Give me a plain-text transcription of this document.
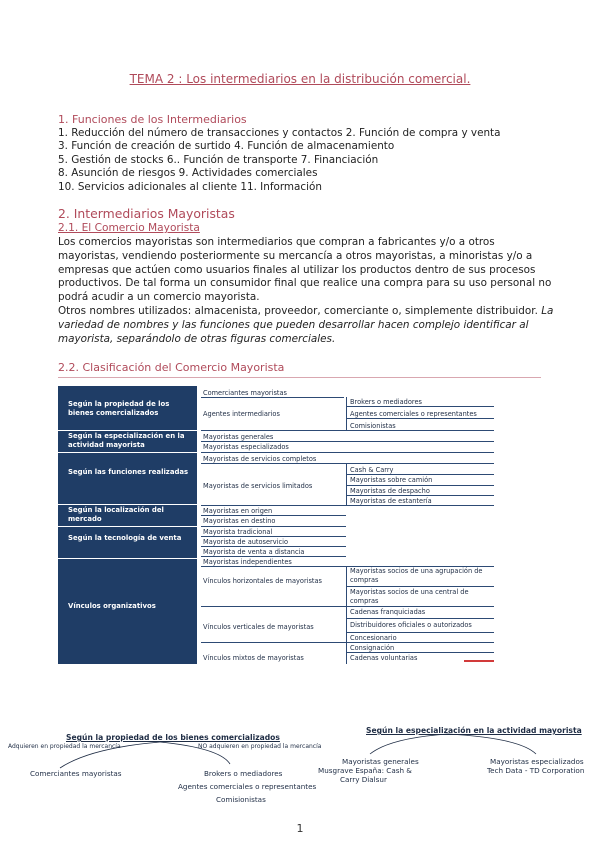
TEMA 2 : Los intermediarios en la distribución comercial.
1. Funciones de los Intermediarios
1. Reducción del número de transacciones y contactos 2. Función de compra y venta
3. Función de creación de surtido 4. Función de almacenamiento
5. Gestión de stocks 6.. Función de transporte 7. Financiación
8. Asunción de riesgos 9. Actividades comerciales
10. Servicios adicionales al cliente 11. Información
2. Intermediarios Mayoristas
2.1. El Comercio Mayorista
Los comercios mayoristas son intermediarios que compran a fabricantes y/o a otros mayoristas, vendiendo posteriormente su mercancía a otros mayoristas, a minoristas y/o a empresas que actúen como usuarios finales al utilizar los productos dentro de sus procesos productivos. De tal forma un consumidor final que realice una compra para su uso personal no podrá acudir a un comercio mayorista.
Otros nombres utilizados: almacenista, proveedor, comerciante o, simplemente distribuidor. La variedad de nombres y las funciones que pueden desarrollar hacen complejo identificar al mayorista, separándolo de otras figuras comerciales.
2.2. Clasificación del Comercio Mayorista
Según la propiedad de los bienes comercializados
Según la especialización en la actividad mayorista
Según las funciones realizadas
Según la localización del mercado
Según la tecnología de venta
Vínculos organizativos
Comerciantes mayoristas
Agentes intermediarios
Mayoristas generales
Mayoristas especializados
Mayoristas de servicios completos
Mayoristas de servicios limitados
Mayoristas en origen
Mayoristas en destino
Mayorista tradicional
Mayorista de autoservicio
Mayorista de venta a distancia
Mayoristas independientes
Vínculos horizontales de mayoristas
Vínculos verticales de mayoristas
Vínculos mixtos de mayoristas
Brokers o mediadores
Agentes comerciales o representantes
Comisionistas
Cash & Carry
Mayoristas sobre camión
Mayoristas de despacho
Mayoristas de estantería
Mayoristas socios de una agrupación de compras
Mayoristas socios de una central de compras
Cadenas franquiciadas
Distribuidores oficiales o autorizados
Concesionario
Consignación
Cadenas voluntarias
Según la propiedad de los bienes comercializados
Adquieren en propiedad la mercancía	NO adquieren en propiedad la mercancía
Comerciantes mayoristas	Brokers o mediadores
Agentes comerciales o representantes
Comisionistas
Según la especialización en la actividad mayorista
Mayoristas generales
Musgrave España: Cash &
Carry Dialsur
Mayoristas especializados
Tech Data - TD Corporation
1
